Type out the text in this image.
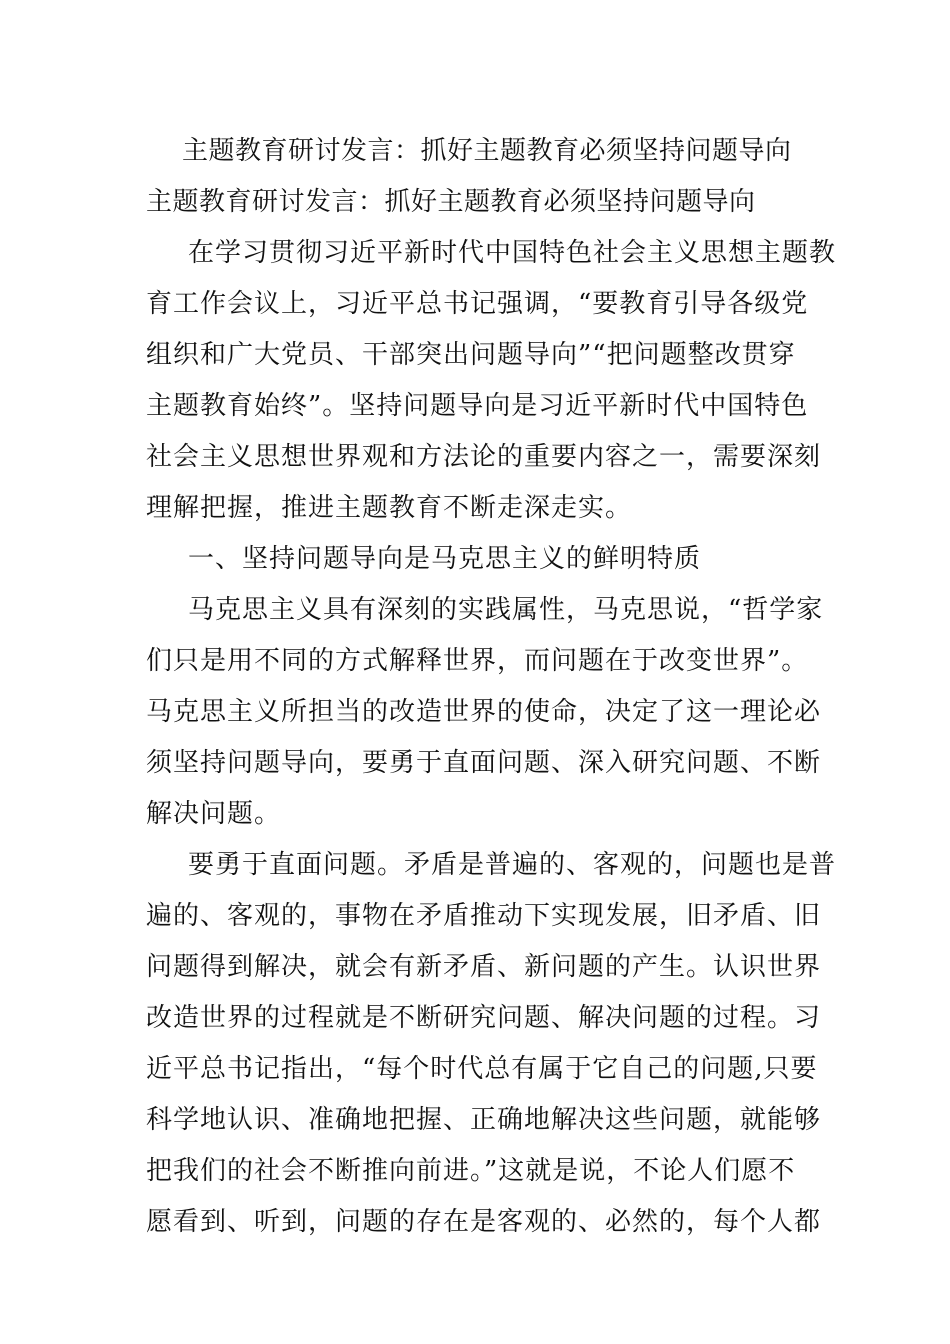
主题教育研讨发言：抓好主题教育必须坚持问题导向
主题教育研讨发言：抓好主题教育必须坚持问题导向
在学习贯彻习近平新时代中国特色社会主义思想主题教
育工作会议上，习近平总书记强调，“要教育引导各级党
组织和广大党员、干部突出问题导向”“把问题整改贯穿
主题教育始终”。坚持问题导向是习近平新时代中国特色
社会主义思想世界观和方法论的重要内容之一，需要深刻
理解把握，推进主题教育不断走深走实。
一、坚持问题导向是马克思主义的鲜明特质
马克思主义具有深刻的实践属性，马克思说，“哲学家
们只是用不同的方式解释世界，而问题在于改变世界”。
马克思主义所担当的改造世界的使命，决定了这一理论必
须坚持问题导向，要勇于直面问题、深入研究问题、不断
解决问题。
要勇于直面问题。矛盾是普遍的、客观的，问题也是普
遍的、客观的，事物在矛盾推动下实现发展，旧矛盾、旧
问题得到解决，就会有新矛盾、新问题的产生。认识世界
改造世界的过程就是不断研究问题、解决问题的过程。习
近平总书记指出，“每个时代总有属于它自己的问题,只要
科学地认识、准确地把握、正确地解决这些问题，就能够
把我们的社会不断推向前进。”这就是说，不论人们愿不
愿看到、听到，问题的存在是客观的、必然的，每个人都
